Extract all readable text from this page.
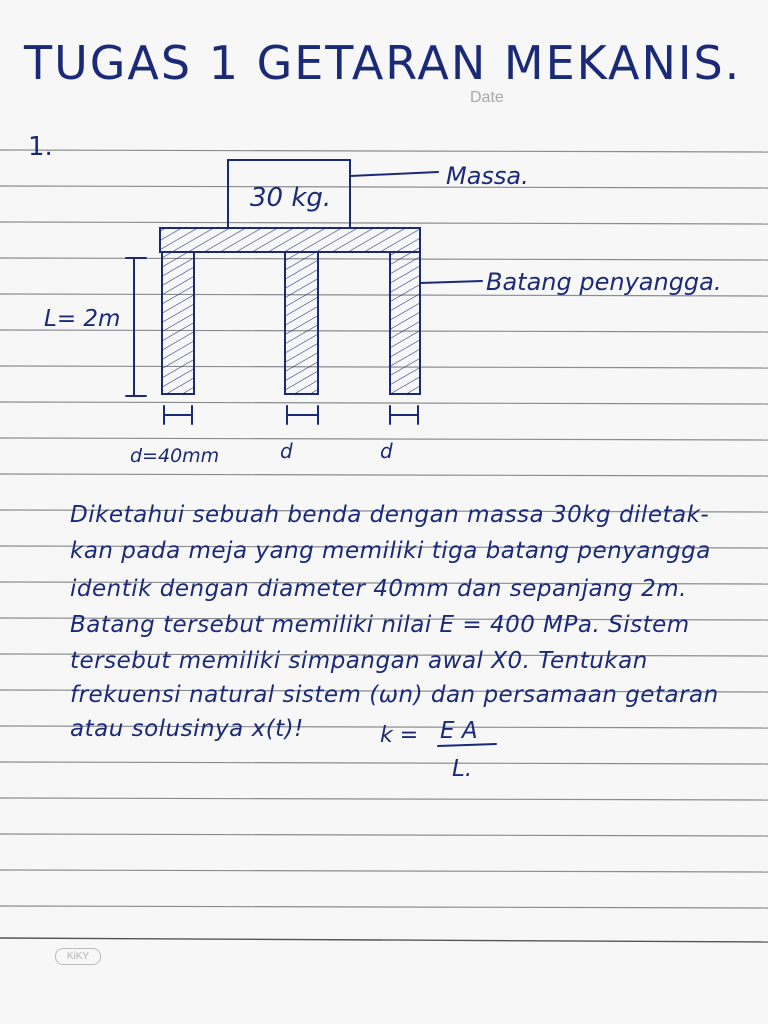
TUGAS 1 GETARAN MEKANIS.
Date
1.
30 kg.
Massa.
Batang penyangga.
L= 2m
d=40mm	d	d
k = E A
L.
Diketahui sebuah benda dengan massa 30kg diletak-
kan pada meja yang memiliki tiga batang penyangga
identik dengan diameter 40mm dan sepanjang 2m.
Batang tersebut memiliki nilai E = 400 MPa. Sistem
tersebut memiliki simpangan awal X0. Tentukan
frekuensi natural sistem (ωn) dan persamaan getaran
atau solusinya x(t)!
KiKY
